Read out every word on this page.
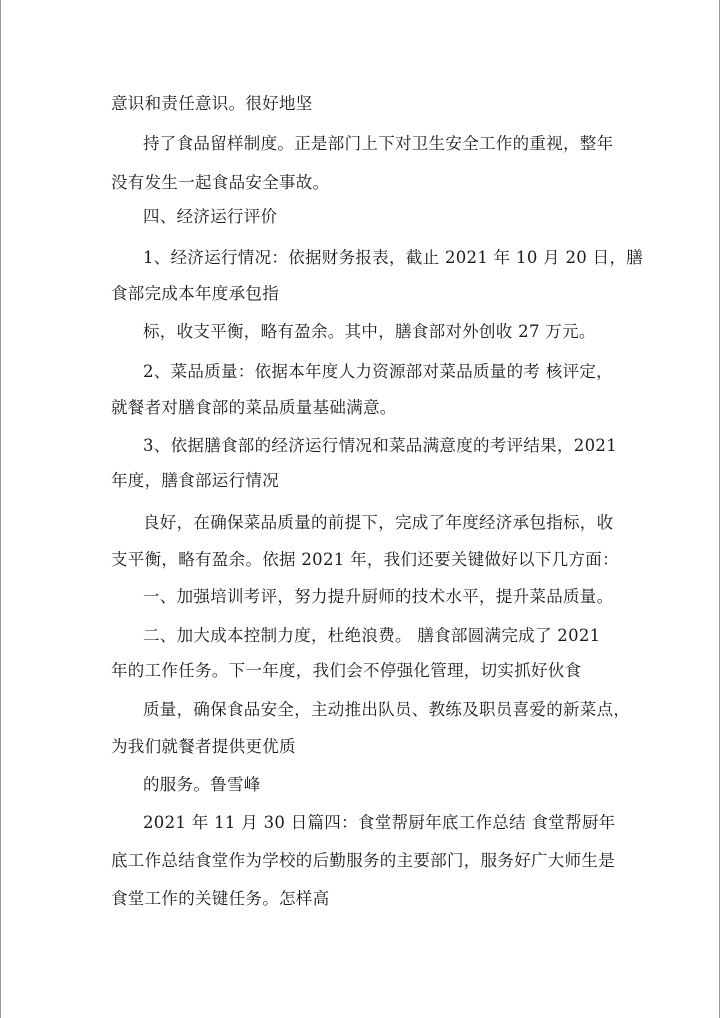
意识和责任意识。很好地坚
持了食品留样制度。正是部门上下对卫生安全工作的重视，整年
没有发生一起食品安全事故。
四、经济运行评价
1、经济运行情况：依据财务报表，截止 2021 年 10 月 20 日，膳
食部完成本年度承包指
标，收支平衡，略有盈余。其中，膳食部对外创收 27 万元。
2、菜品质量：依据本年度人力资源部对菜品质量的考 核评定，
就餐者对膳食部的菜品质量基础满意。
3、依据膳食部的经济运行情况和菜品满意度的考评结果，2021
年度，膳食部运行情况
良好，在确保菜品质量的前提下，完成了年度经济承包指标，收
支平衡，略有盈余。依据 2021 年，我们还要关键做好以下几方面：
一、加强培训考评，努力提升厨师的技术水平，提升菜品质量。
二、加大成本控制力度，杜绝浪费。 膳食部圆满完成了 2021
年的工作任务。下一年度，我们会不停强化管理，切实抓好伙食
质量，确保食品安全，主动推出队员、教练及职员喜爱的新菜点，
为我们就餐者提供更优质
的服务。鲁雪峰
2021 年 11 月 30 日篇四：食堂帮厨年底工作总结 食堂帮厨年
底工作总结食堂作为学校的后勤服务的主要部门，服务好广大师生是
食堂工作的关键任务。怎样高
